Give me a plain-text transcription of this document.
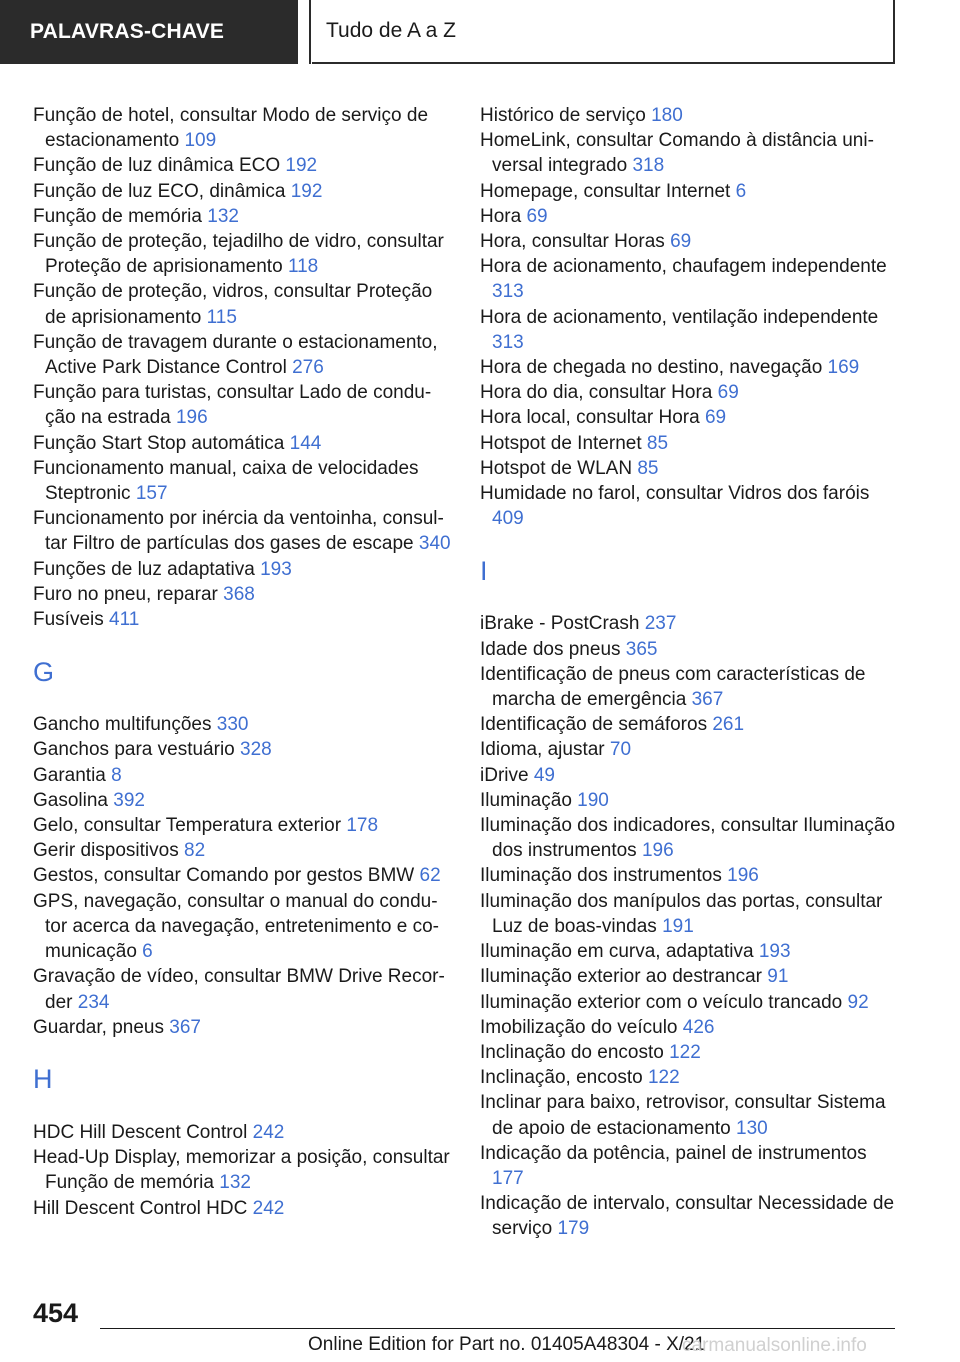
PALAVRAS-CHAVE	Tudo de A a Z
Função de hotel, consultar Modo de serviço de estacionamento 109
Função de luz dinâmica ECO 192
Função de luz ECO, dinâmica 192
Função de memória 132
Função de proteção, tejadilho de vidro, consultar Proteção de aprisionamento 118
Função de proteção, vidros, consultar Proteção de aprisionamento 115
Função de travagem durante o estacionamento, Active Park Distance Control 276
Função para turistas, consultar Lado de condução na estrada 196
Função Start Stop automática 144
Funcionamento manual, caixa de velocidades Steptronic 157
Funcionamento por inércia da ventoinha, consultar Filtro de partículas dos gases de escape 340
Funções de luz adaptativa 193
Furo no pneu, reparar 368
Fusíveis 411
G
Gancho multifunções 330
Ganchos para vestuário 328
Garantia 8
Gasolina 392
Gelo, consultar Temperatura exterior 178
Gerir dispositivos 82
Gestos, consultar Comando por gestos BMW 62
GPS, navegação, consultar o manual do condutor acerca da navegação, entretenimento e comunicação 6
Gravação de vídeo, consultar BMW Drive Recorder 234
Guardar, pneus 367
H
HDC Hill Descent Control 242
Head-Up Display, memorizar a posição, consultar Função de memória 132
Hill Descent Control HDC 242
Histórico de serviço 180
HomeLink, consultar Comando à distância universal integrado 318
Homepage, consultar Internet 6
Hora 69
Hora, consultar Horas 69
Hora de acionamento, chaufagem independente 313
Hora de acionamento, ventilação independente 313
Hora de chegada no destino, navegação 169
Hora do dia, consultar Hora 69
Hora local, consultar Hora 69
Hotspot de Internet 85
Hotspot de WLAN 85
Humidade no farol, consultar Vidros dos faróis 409
I
iBrake - PostCrash 237
Idade dos pneus 365
Identificação de pneus com características de marcha de emergência 367
Identificação de semáforos 261
Idioma, ajustar 70
iDrive 49
Iluminação 190
Iluminação dos indicadores, consultar Iluminação dos instrumentos 196
Iluminação dos instrumentos 196
Iluminação dos manípulos das portas, consultar Luz de boas-vindas 191
Iluminação em curva, adaptativa 193
Iluminação exterior ao destrancar 91
Iluminação exterior com o veículo trancado 92
Imobilização do veículo 426
Inclinação do encosto 122
Inclinação, encosto 122
Inclinar para baixo, retrovisor, consultar Sistema de apoio de estacionamento 130
Indicação da potência, painel de instrumentos 177
Indicação de intervalo, consultar Necessidade de serviço 179
454
Online Edition for Part no. 01405A48304 - X/21
carmanualsonline.info
